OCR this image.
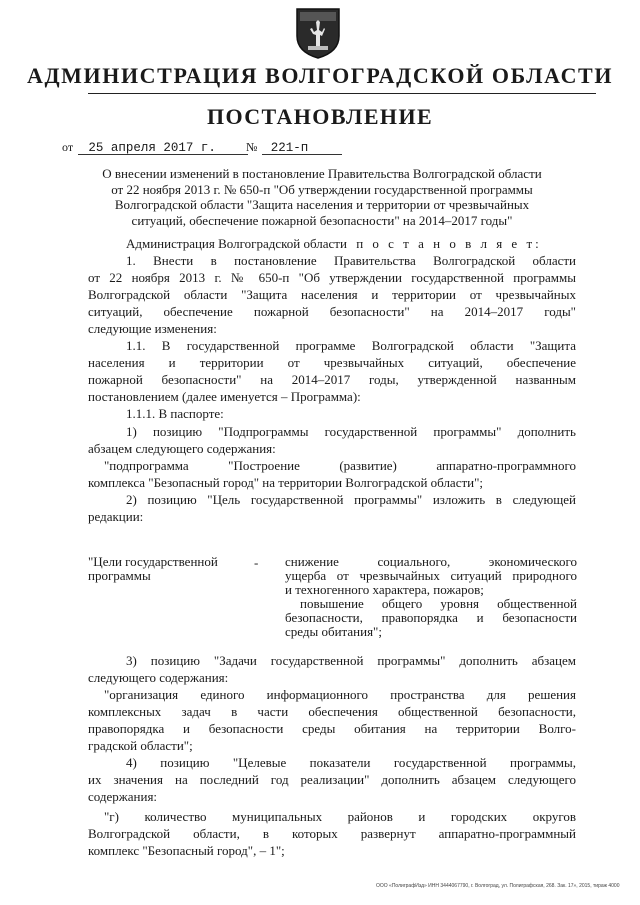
АДМИНИСТРАЦИЯ ВОЛГОГРАДСКОЙ ОБЛАСТИ
ПОСТАНОВЛЕНИЕ
от 25 апреля 2017 г.	№ 221-п
О внесении изменений в постановление Правительства Волгоградской области
от 22 ноября 2013 г. № 650-п "Об утверждении государственной программы
Волгоградской области "Защита населения и территории от чрезвычайных
ситуаций, обеспечение пожарной безопасности" на 2014–2017 годы"
Администрация Волгоградской области п о с т а н о в л я е т:
1. Внести в постановление Правительства Волгоградской области
от 22 ноября 2013 г. № 650-п "Об утверждении государственной программы
Волгоградской области "Защита населения и территории от чрезвычайных
ситуаций, обеспечение пожарной безопасности" на 2014–2017 годы"
следующие изменения:
1.1. В государственной программе Волгоградской области "Защита
населения и территории от чрезвычайных ситуаций, обеспечение
пожарной безопасности" на 2014–2017 годы, утвержденной названным
постановлением (далее именуется – Программа):
1.1.1. В паспорте:
1) позицию "Подпрограммы государственной программы" дополнить
абзацем следующего содержания:
"подпрограмма "Построение (развитие) аппаратно-программного
комплекса "Безопасный город" на территории Волгоградской области";
2) позицию "Цель государственной программы" изложить в следующей
редакции:
"Цели государственной
программы
- снижение социального, экономического
ущерба от чрезвычайных ситуаций природного
и техногенного характера, пожаров;
повышение общего уровня общественной
безопасности, правопорядка и безопасности
среды обитания";
3) позицию "Задачи государственной программы" дополнить абзацем
следующего содержания:
"организация единого информационного пространства для решения
комплексных задач в части обеспечения общественной безопасности,
правопорядка и безопасности среды обитания на территории Волго-
градской области";
4) позицию "Целевые показатели государственной программы,
их значения на последний год реализации" дополнить абзацем следующего
содержания:
"г) количество муниципальных районов и городских округов
Волгоградской области, в которых развернут аппаратно-программный
комплекс "Безопасный город", – 1";
ООО «ПолиграфИзд» ИНН 3444067790, г. Волгоград, ул. Полиграфская, 268. Зак. 17», 2015, тираж 4000
